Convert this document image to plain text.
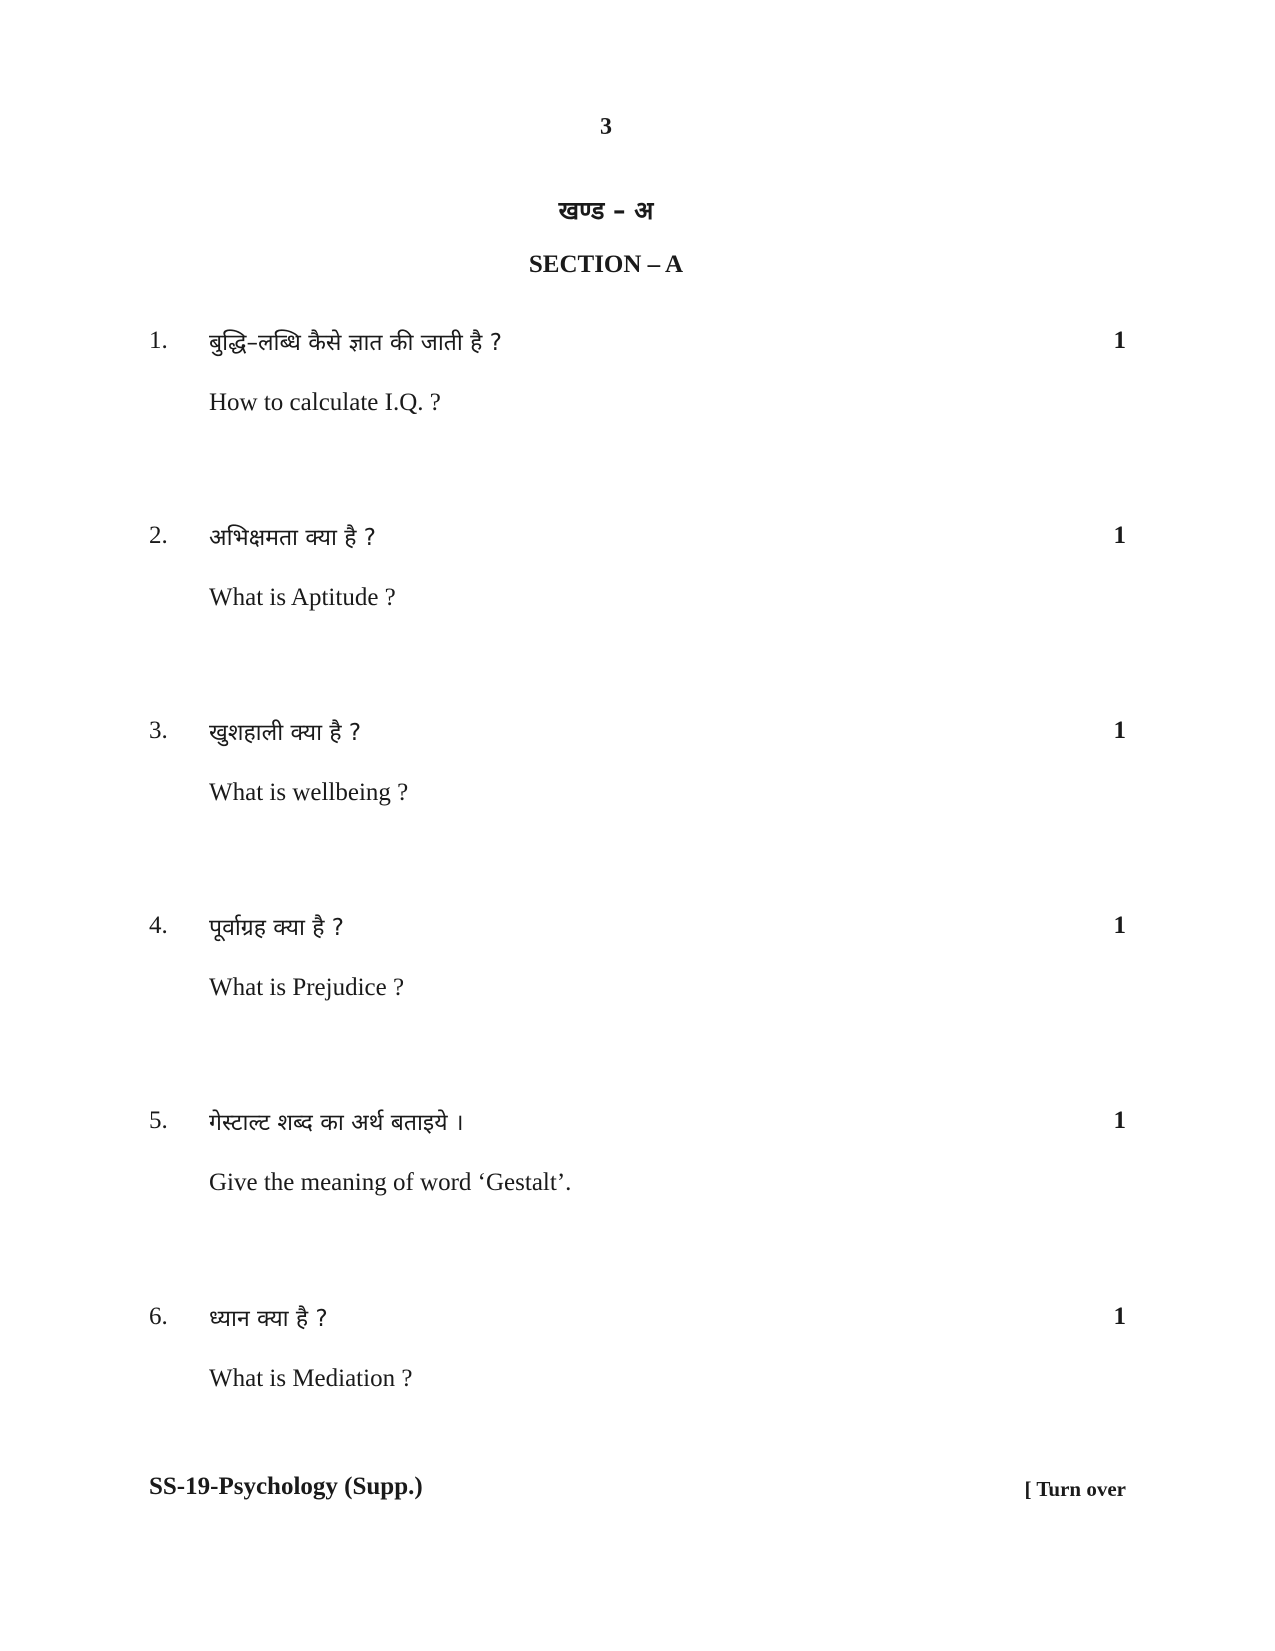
3
खण्ड – अ
SECTION – A
1. बुद्धि–लब्धि कैसे ज्ञात की जाती है ?	1
How to calculate I.Q. ?
2. अभिक्षमता क्या है ?	1
What is Aptitude ?
3. खुशहाली क्या है ?	1
What is wellbeing ?
4. पूर्वाग्रह क्या है ?	1
What is Prejudice ?
5. गेस्टाल्ट शब्द का अर्थ बताइये ।	1
Give the meaning of word ‘Gestalt’.
6. ध्यान क्या है ?	1
What is Mediation ?
SS-19-Psychology (Supp.)	[ Turn over
